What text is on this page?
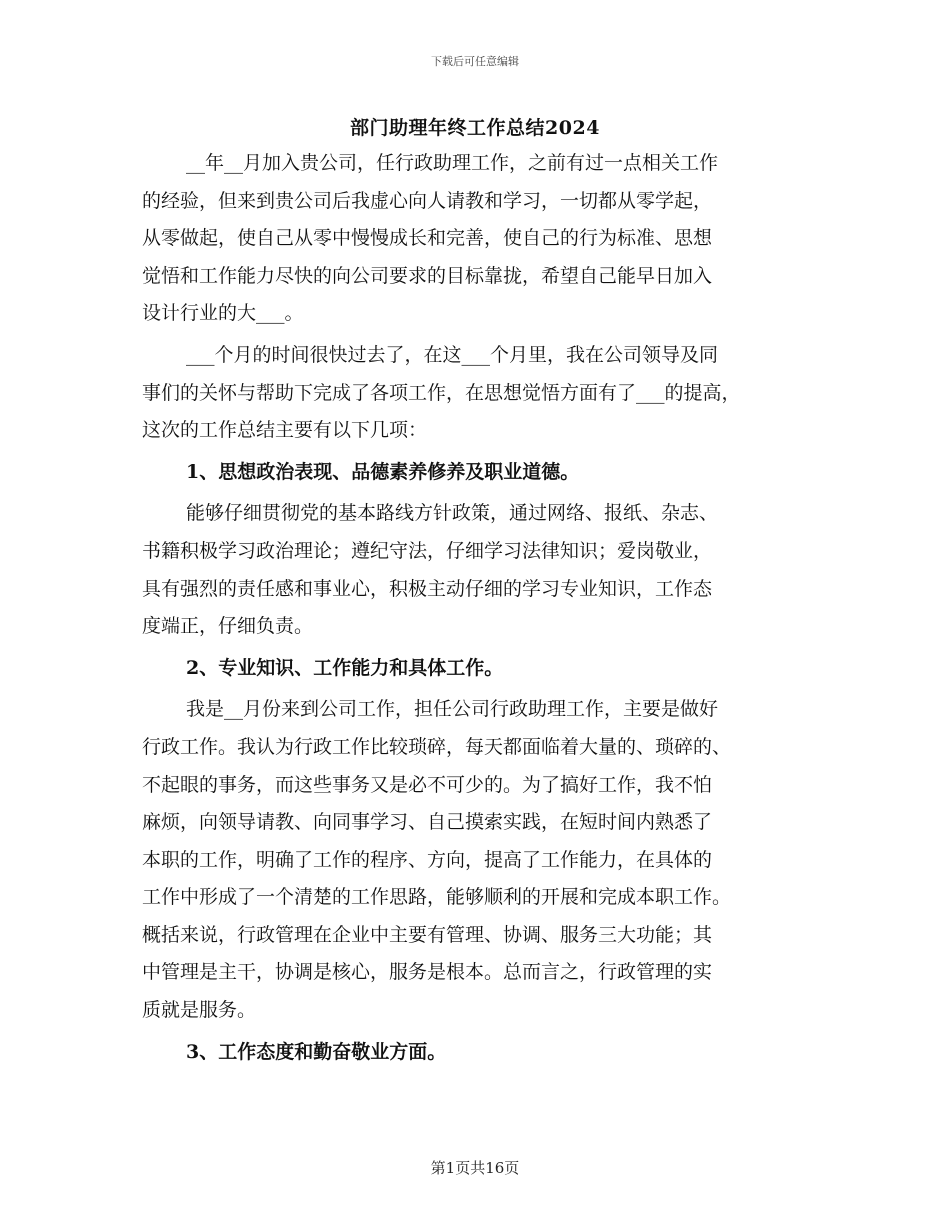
下载后可任意编辑
部门助理年终工作总结2024
__年__月加入贵公司，任行政助理工作，之前有过一点相关工作
的经验，但来到贵公司后我虚心向人请教和学习，一切都从零学起，
从零做起，使自己从零中慢慢成长和完善，使自己的行为标准、思想
觉悟和工作能力尽快的向公司要求的目标靠拢，希望自己能早日加入
设计行业的大___。
___个月的时间很快过去了，在这___个月里，我在公司领导及同
事们的关怀与帮助下完成了各项工作，在思想觉悟方面有了___的提高，
这次的工作总结主要有以下几项：
1、思想政治表现、品德素养修养及职业道德。
能够仔细贯彻党的基本路线方针政策，通过网络、报纸、杂志、
书籍积极学习政治理论；遵纪守法，仔细学习法律知识；爱岗敬业，
具有强烈的责任感和事业心，积极主动仔细的学习专业知识，工作态
度端正，仔细负责。
2、专业知识、工作能力和具体工作。
我是__月份来到公司工作，担任公司行政助理工作，主要是做好
行政工作。我认为行政工作比较琐碎，每天都面临着大量的、琐碎的、
不起眼的事务，而这些事务又是必不可少的。为了搞好工作，我不怕
麻烦，向领导请教、向同事学习、自己摸索实践，在短时间内熟悉了
本职的工作，明确了工作的程序、方向，提高了工作能力，在具体的
工作中形成了一个清楚的工作思路，能够顺利的开展和完成本职工作。
概括来说，行政管理在企业中主要有管理、协调、服务三大功能；其
中管理是主干，协调是核心，服务是根本。总而言之，行政管理的实
质就是服务。
3、工作态度和勤奋敬业方面。
第1页共16页
